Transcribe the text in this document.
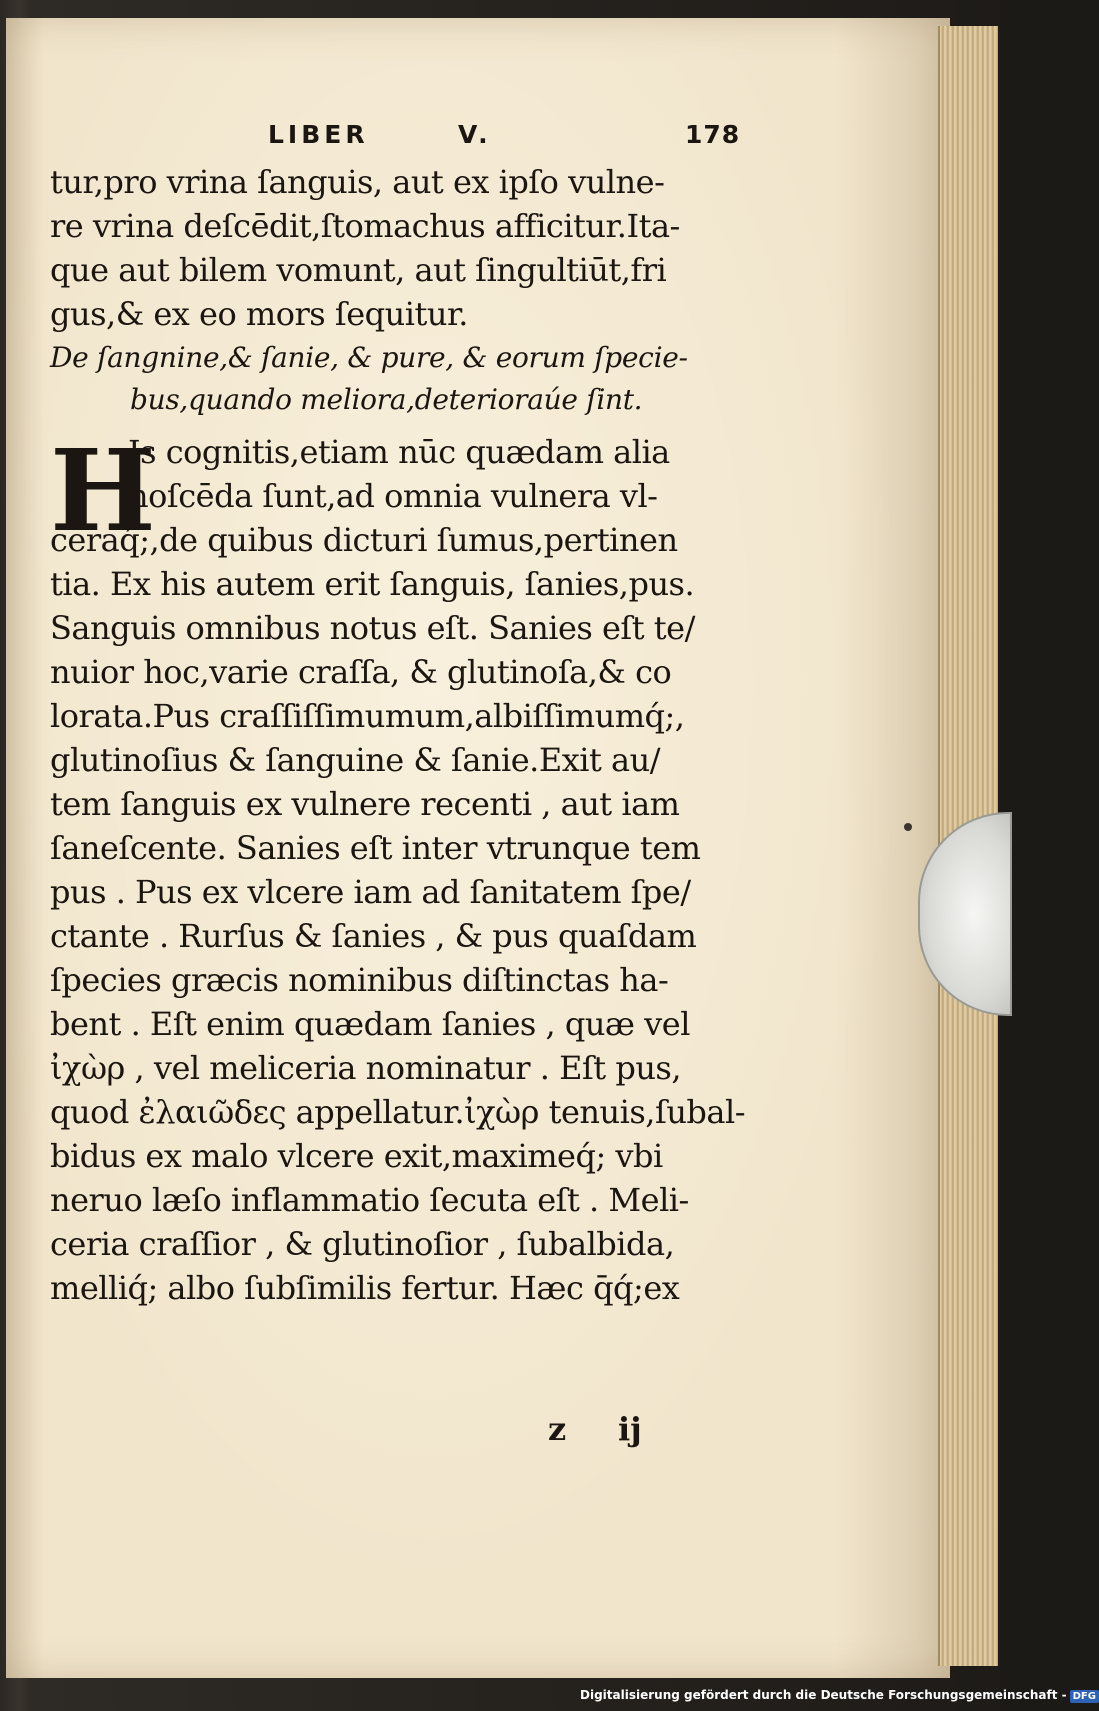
LIBER	V.	178
tur,pro vrina ſanguis, aut ex ipſo vulne‑
re vrina deſcēdit,ſtomachus afficitur.Ita‑
que aut bilem vomunt, aut ſingultiūt,fri
gus,& ex eo mors ſequitur.
De ſangnine,& ſanie, & pure, & eorum ſpecie‑
bus,quando meliora,deterioraúe ſint.
H
Is cognitis,etiam nūc quædam alia
noſcēda ſunt,ad omnia vulnera vl‑
ceraq́;,de quibus dicturi ſumus,pertinen
tia. Ex his autem erit ſanguis, ſanies,pus.
Sanguis omnibus notus eſt. Sanies eſt te/
nuior hoc,varie craſſa, & glutinoſa,& co
lorata.Pus craſſiſſimumum,albiſſimumq́;,
glutinoſius & ſanguine & ſanie.Exit au/
tem ſanguis ex vulnere recenti , aut iam
ſaneſcente. Sanies eſt inter vtrunque tem
pus . Pus ex vlcere iam ad ſanitatem ſpe/
ctante . Rurſus & ſanies , & pus quaſdam
ſpecies græcis nominibus diſtinctas ha‑
bent . Eſt enim quædam ſanies , quæ vel
ἰχὼρ , vel meliceria nominatur . Eſt pus,
quod ἐλαιῶδες appellatur.ἰχὼρ tenuis,ſubal‑
bidus ex malo vlcere exit,maximeq́; vbi
neruo læſo inflammatio ſecuta eſt . Meli‑
ceria craſſior , & glutinoſior , ſubalbida,
melliq́; albo ſubſimilis fertur. Hæc q̄q́;ex
z ij
Digitalisierung gefördert durch die Deutsche Forschungsgemeinschaft - DFG
